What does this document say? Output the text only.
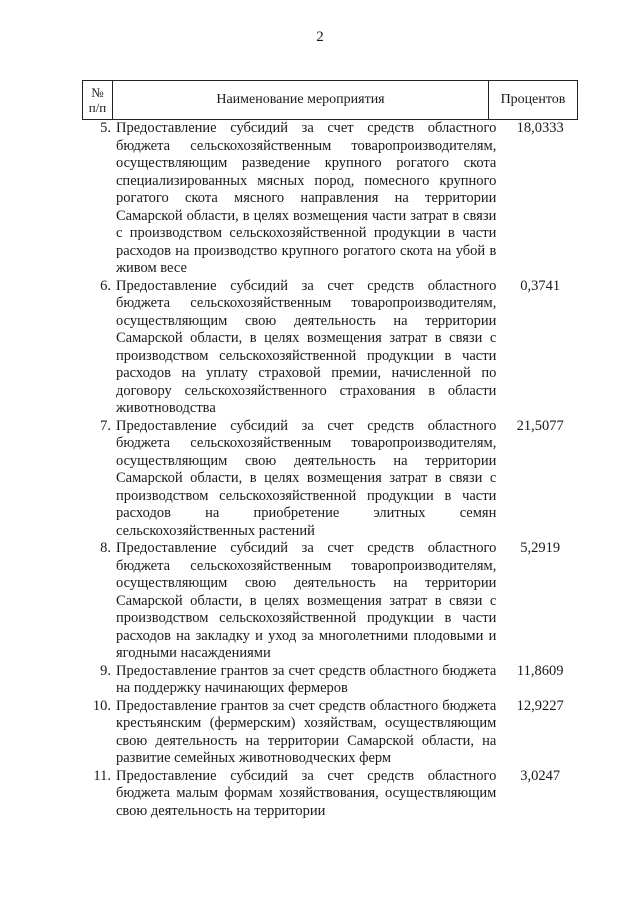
2
№
п/п
Наименование мероприятия	Процентов
5. Предоставление субсидий за счет средств областного бюджета сельскохозяйственным товаропроизводителям, осуществляющим разведение крупного рогатого скота специализированных мясных пород, помесного крупного рогатого скота мясного направления на территории Самарской области, в целях возмещения части затрат в связи с производством сельскохозяйственной продукции в части расходов на производство крупного рогатого скота на убой в живом весе
18,0333
6. Предоставление субсидий за счет средств областного бюджета сельскохозяйственным товаропроизводителям, осуществляющим свою деятельность на территории Самарской области, в целях возмещения затрат в связи с производством сельскохозяйственной продукции в части расходов на уплату страховой премии, начисленной по договору сельскохозяйственного страхования в области животноводства
0,3741
7. Предоставление субсидий за счет средств областного бюджета сельскохозяйственным товаропроизводителям, осуществляющим свою деятельность на территории Самарской области, в целях возмещения затрат в связи с производством сельскохозяйственной продукции в части расходов на приобретение элитных семян сельскохозяйственных растений
21,5077
8. Предоставление субсидий за счет средств областного бюджета сельскохозяйственным товаропроизводителям, осуществляющим свою деятельность на территории Самарской области, в целях возмещения затрат в связи с производством сельскохозяйственной продукции в части расходов на закладку и уход за многолетними плодовыми и ягодными насаждениями
5,2919
9. Предоставление грантов за счет средств областного бюджета на поддержку начинающих фермеров
11,8609
10. Предоставление грантов за счет средств областного бюджета крестьянским (фермерским) хозяйствам, осуществляющим свою деятельность на территории Самарской области, на развитие семейных животноводческих ферм
12,9227
11. Предоставление субсидий за счет средств областного бюджета малым формам хозяйствования, осуществляющим свою деятельность на территории
3,0247
